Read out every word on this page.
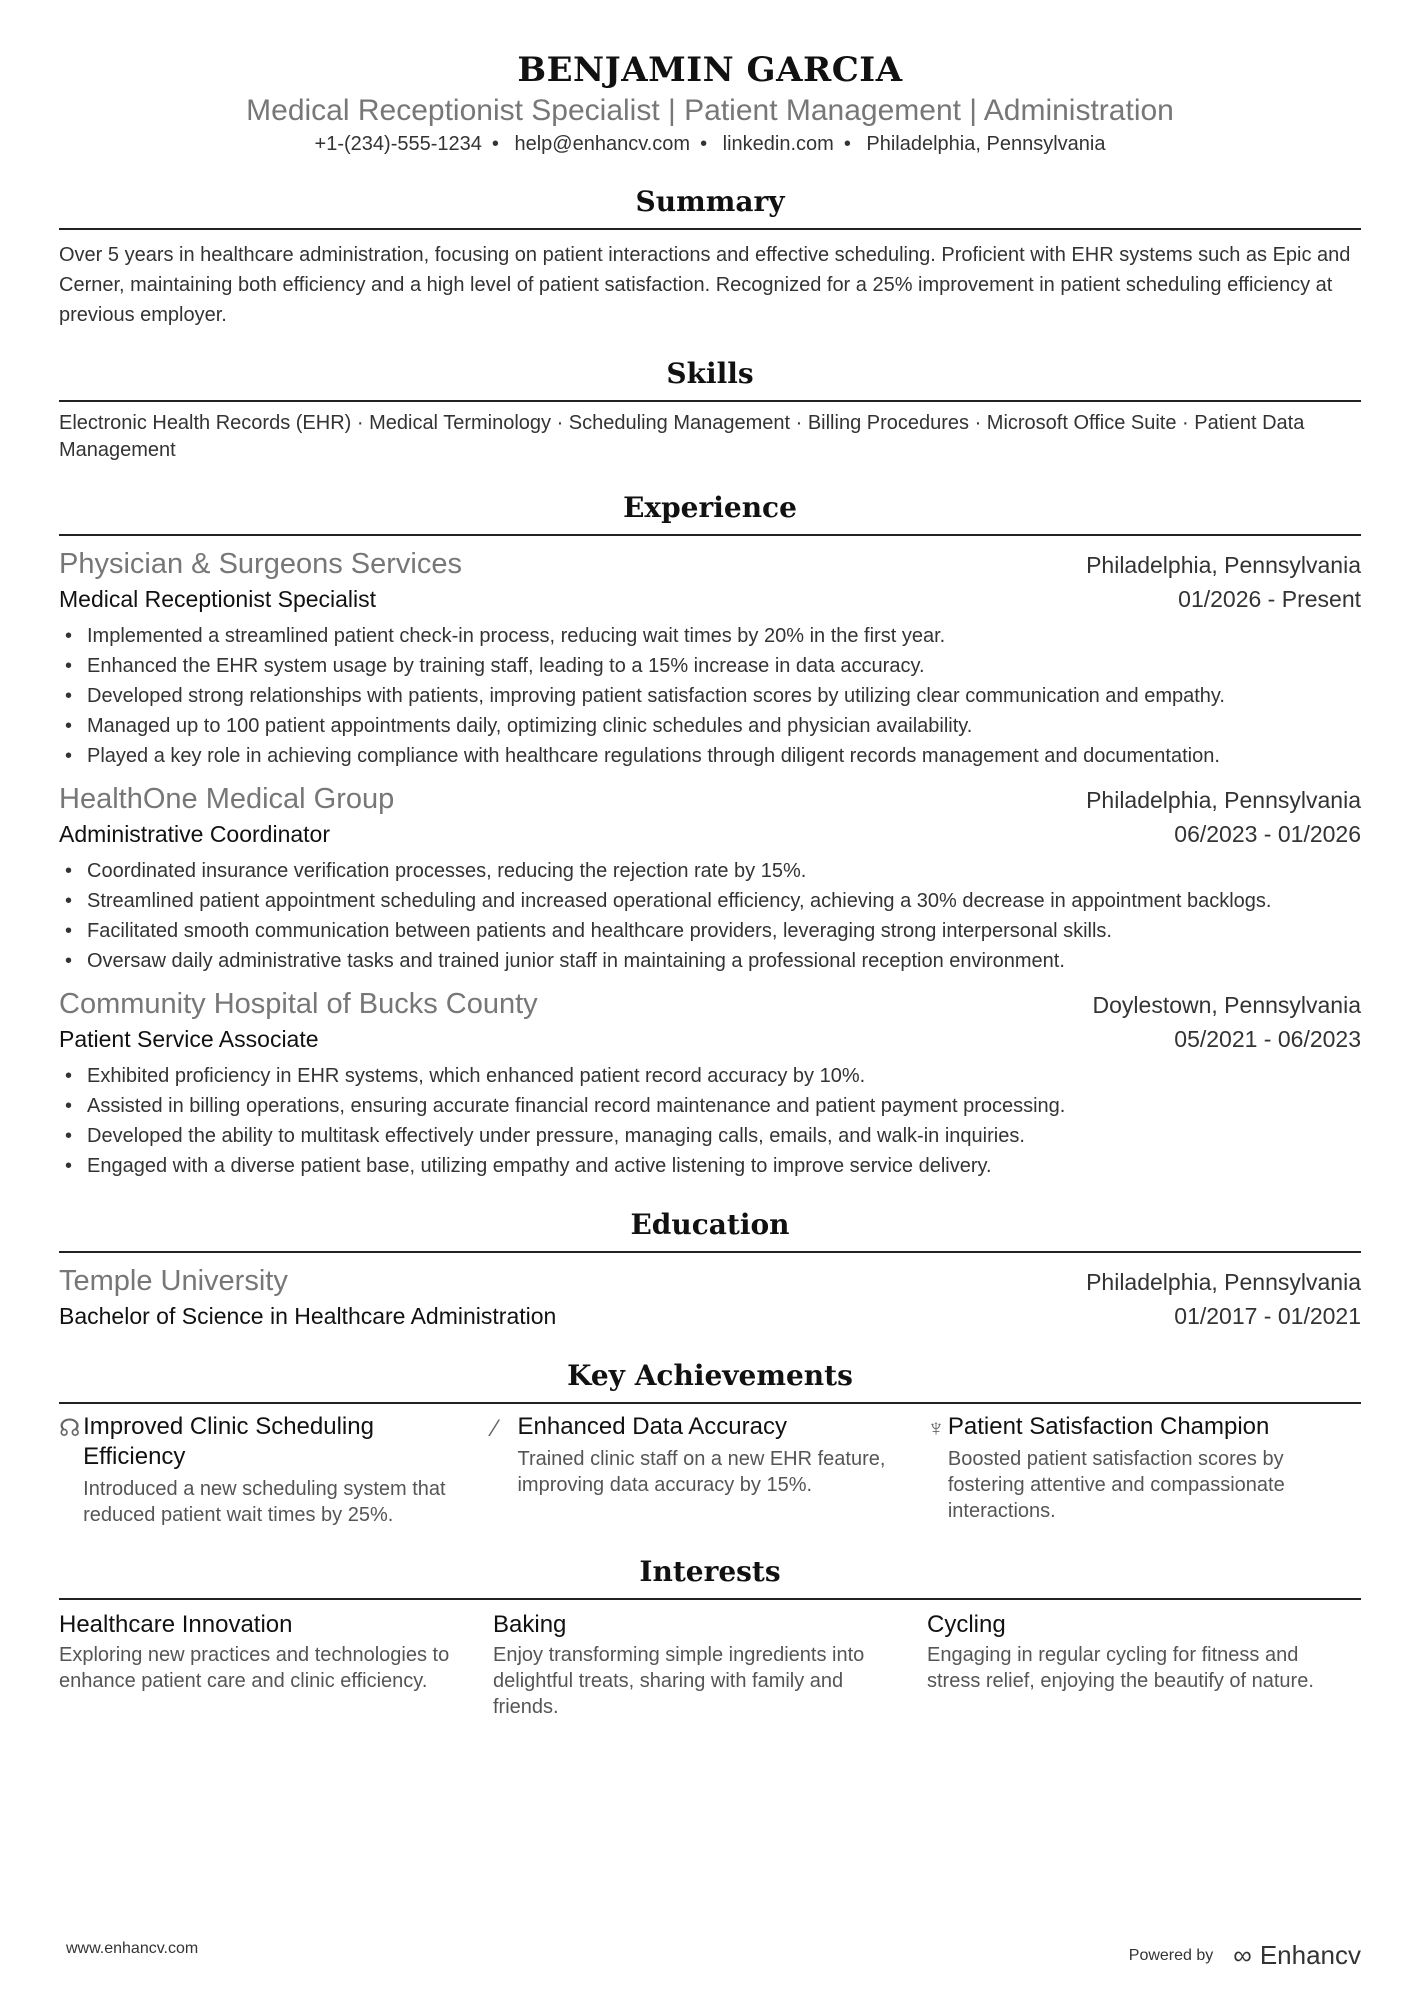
BENJAMIN GARCIA
Medical Receptionist Specialist | Patient Management | Administration
+1-(234)-555-1234 • help@enhancv.com • linkedin.com • Philadelphia, Pennsylvania
Summary
Over 5 years in healthcare administration, focusing on patient interactions and effective scheduling. Proficient with EHR systems such as Epic and Cerner, maintaining both efficiency and a high level of patient satisfaction. Recognized for a 25% improvement in patient scheduling efficiency at previous employer.
Skills
Electronic Health Records (EHR) · Medical Terminology · Scheduling Management · Billing Procedures · Microsoft Office Suite · Patient Data Management
Experience
Physician & Surgeons Services	Philadelphia, Pennsylvania
Medical Receptionist Specialist	01/2026 - Present
• Implemented a streamlined patient check-in process, reducing wait times by 20% in the first year.
• Enhanced the EHR system usage by training staff, leading to a 15% increase in data accuracy.
• Developed strong relationships with patients, improving patient satisfaction scores by utilizing clear communication and empathy.
• Managed up to 100 patient appointments daily, optimizing clinic schedules and physician availability.
• Played a key role in achieving compliance with healthcare regulations through diligent records management and documentation.
HealthOne Medical Group	Philadelphia, Pennsylvania
Administrative Coordinator	06/2023 - 01/2026
• Coordinated insurance verification processes, reducing the rejection rate by 15%.
• Streamlined patient appointment scheduling and increased operational efficiency, achieving a 30% decrease in appointment backlogs.
• Facilitated smooth communication between patients and healthcare providers, leveraging strong interpersonal skills.
• Oversaw daily administrative tasks and trained junior staff in maintaining a professional reception environment.
Community Hospital of Bucks County	Doylestown, Pennsylvania
Patient Service Associate	05/2021 - 06/2023
• Exhibited proficiency in EHR systems, which enhanced patient record accuracy by 10%.
• Assisted in billing operations, ensuring accurate financial record maintenance and patient payment processing.
• Developed the ability to multitask effectively under pressure, managing calls, emails, and walk-in inquiries.
• Engaged with a diverse patient base, utilizing empathy and active listening to improve service delivery.
Education
Temple University	Philadelphia, Pennsylvania
Bachelor of Science in Healthcare Administration	01/2017 - 01/2021
Key Achievements
☊ Improved Clinic Scheduling Efficiency
Introduced a new scheduling system that reduced patient wait times by 25%.
⁄ Enhanced Data Accuracy
Trained clinic staff on a new EHR feature, improving data accuracy by 15%.
♆ Patient Satisfaction Champion
Boosted patient satisfaction scores by fostering attentive and compassionate interactions.
Interests
Healthcare Innovation
Exploring new practices and technologies to enhance patient care and clinic efficiency.
Baking
Enjoy transforming simple ingredients into delightful treats, sharing with family and friends.
Cycling
Engaging in regular cycling for fitness and stress relief, enjoying the beautify of nature.
www.enhancv.com	Powered by ∞ Enhancv
